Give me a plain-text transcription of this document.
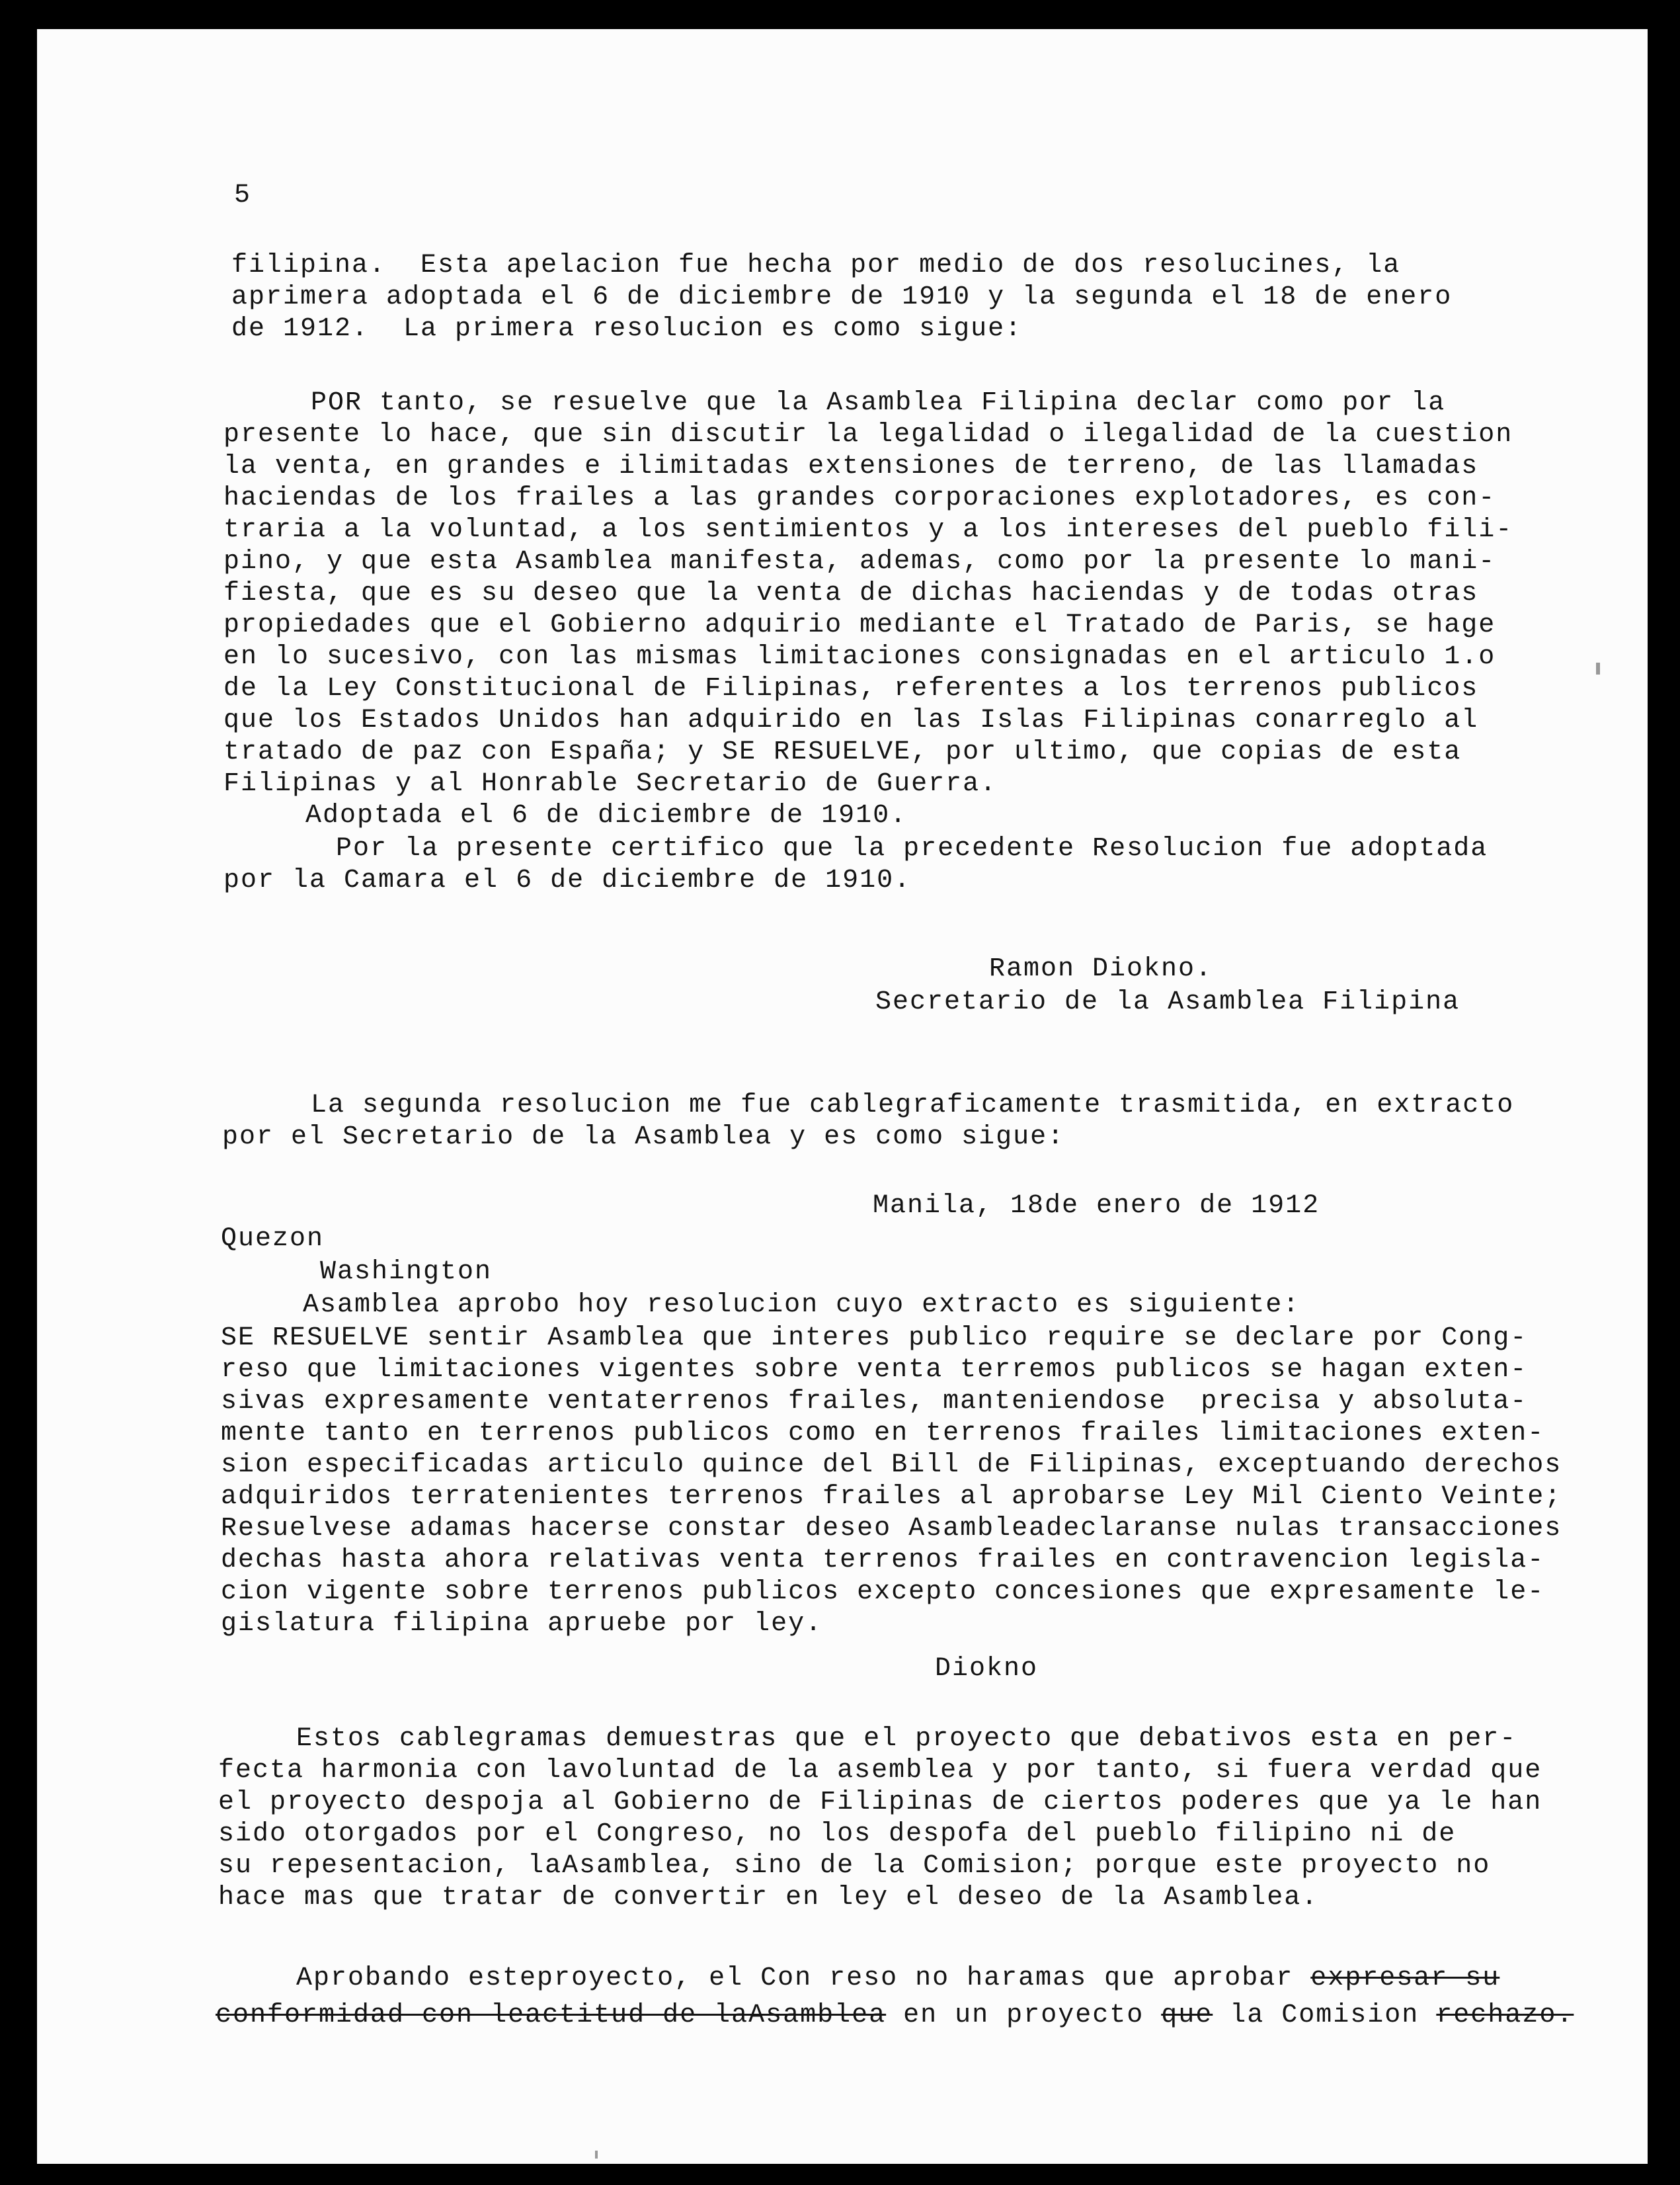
5

filipina.  Esta apelacion fue hecha por medio de dos resolucines, la

aprimera adoptada el 6 de diciembre de 1910 y la segunda el 18 de enero

de 1912.  La primera resolucion es como sigue:

POR tanto, se resuelve que la Asamblea Filipina declar como por la

presente lo hace, que sin discutir la legalidad o ilegalidad de la cuestion

la venta, en grandes e ilimitadas extensiones de terreno, de las llamadas

haciendas de los frailes a las grandes corporaciones explotadores, es con-

traria a la voluntad, a los sentimientos y a los intereses del pueblo fili-

pino, y que esta Asamblea manifesta, ademas, como por la presente lo mani-

fiesta, que es su deseo que la venta de dichas haciendas y de todas otras

propiedades que el Gobierno adquirio mediante el Tratado de Paris, se hage

en lo sucesivo, con las mismas limitaciones consignadas en el articulo 1.o

de la Ley Constitucional de Filipinas, referentes a los terrenos publicos

que los Estados Unidos han adquirido en las Islas Filipinas conarreglo al

tratado de paz con España; y SE RESUELVE, por ultimo, que copias de esta

Filipinas y al Honrable Secretario de Guerra.

Adoptada el 6 de diciembre de 1910.

Por la presente certifico que la precedente Resolucion fue adoptada

por la Camara el 6 de diciembre de 1910.

Ramon Diokno.

Secretario de la Asamblea Filipina

La segunda resolucion me fue cablegraficamente trasmitida, en extracto

por el Secretario de la Asamblea y es como sigue:

Manila, 18de enero de 1912

Quezon

Washington

Asamblea aprobo hoy resolucion cuyo extracto es siguiente:

SE RESUELVE sentir Asamblea que interes publico require se declare por Cong-

reso que limitaciones vigentes sobre venta terremos publicos se hagan exten-

sivas expresamente ventaterrenos frailes, manteniendose  precisa y absoluta-

mente tanto en terrenos publicos como en terrenos frailes limitaciones exten-

sion especificadas articulo quince del Bill de Filipinas, exceptuando derechos

adquiridos terratenientes terrenos frailes al aprobarse Ley Mil Ciento Veinte;

Resuelvese adamas hacerse constar deseo Asambleadeclaranse nulas transacciones

dechas hasta ahora relativas venta terrenos frailes en contravencion legisla-

cion vigente sobre terrenos publicos excepto concesiones que expresamente le-

gislatura filipina apruebe por ley.

Diokno

Estos cablegramas demuestras que el proyecto que debativos esta en per-

fecta harmonia con lavoluntad de la asemblea y por tanto, si fuera verdad que

el proyecto despoja al Gobierno de Filipinas de ciertos poderes que ya le han

sido otorgados por el Congreso, no los despofa del pueblo filipino ni de

su repesentacion, laAsamblea, sino de la Comision; porque este proyecto no

hace mas que tratar de convertir en ley el deseo de la Asamblea.

Aprobando esteproyecto, el Con reso no haramas que aprobar expresar su

conformidad con leactitud de laAsamblea en un proyecto que la Comision rechazo.
